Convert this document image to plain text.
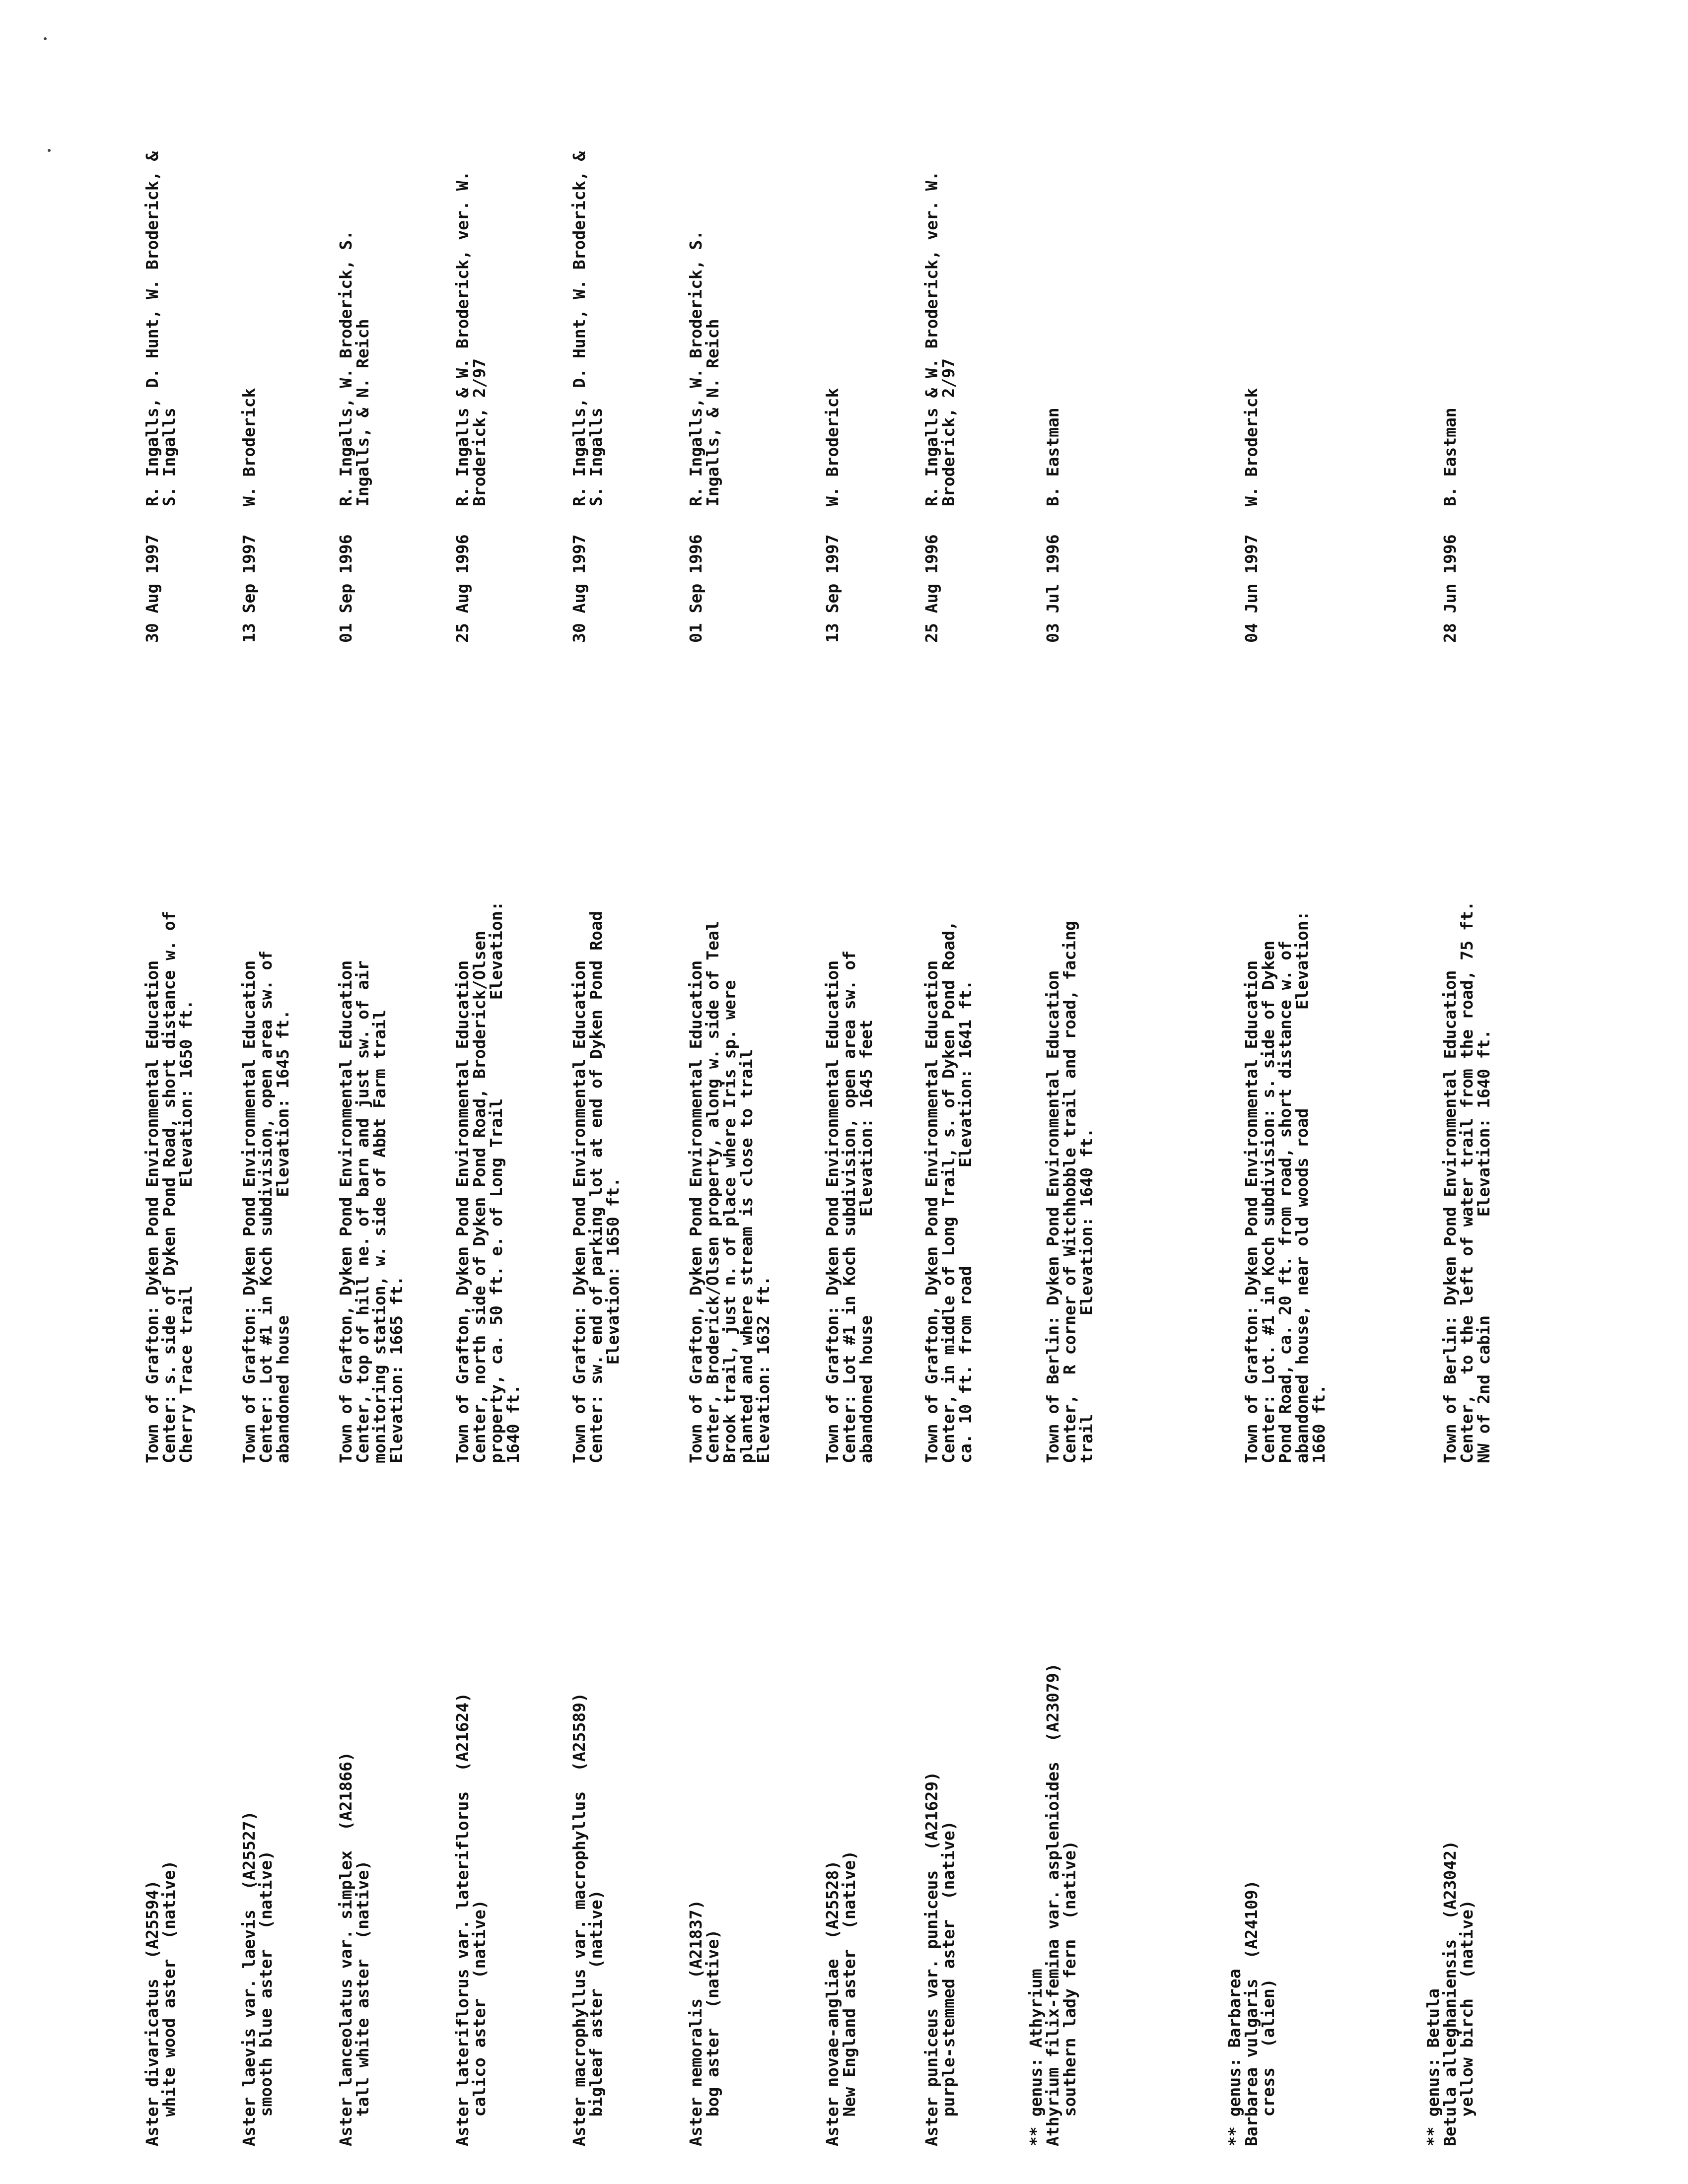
Aster divaricatus  (A25594)
white wood aster  (native)
Town of Grafton: Dyken Pond Environmental Education
Center: s. side of Dyken Pond Road, short distance w. of
Cherry Trace trail          Elevation: 1650 ft.
30 Aug 1997
R. Ingalls, D. Hunt, W. Broderick, &
S. Ingalls
Aster laevis var. laevis  (A25527)
smooth blue aster  (native)
Town of Grafton: Dyken Pond Environmental Education
Center: Lot #1 in Koch subdivision, open area sw. of
abandoned house            Elevation: 1645 ft.
13 Sep 1997
W. Broderick
Aster lanceolatus var. simplex  (A21866)
tall white aster  (native)
Town of Grafton, Dyken Pond Environmental Education
Center, top of hill ne. of barn and just sw. of air
monitoring station, w. side of Abbt Farm trail
Elevation: 1665 ft.
01 Sep 1996
R. Ingalls, W. Broderick, S.
Ingalls, & N. Reich
Aster lateriflorus var. lateriflorus  (A21624)
calico aster  (native)
Town of Grafton, Dyken Pond Environmental Education
Center, north side of Dyken Pond Road, Broderick/Olsen
property, ca. 50 ft. e. of Long Trail          Elevation:
1640 ft.
25 Aug 1996
R. Ingalls & W. Broderick, ver. W.
Broderick, 2/97
Aster macrophyllus var. macrophyllus  (A25589)
bigleaf aster  (native)
Town of Grafton: Dyken Pond Environmental Education
Center: sw. end of parking lot at end of Dyken Pond Road
Elevation: 1650 ft.
30 Aug 1997
R. Ingalls, D. Hunt, W. Broderick, &
S. Ingalls
Aster nemoralis  (A21837)
bog aster  (native)
Town of Grafton, Dyken Pond Environmental Education
Center, Broderick/Olsen property, along w. side of Teal
Brook trail, just n. of place where Iris sp. were
planted and where stream is close to trail
Elevation: 1632 ft.
01 Sep 1996
R. Ingalls, W. Broderick, S.
Ingalls, & N. Reich
Aster novae-angliae  (A25528)
New England aster  (native)
Town of Grafton: Dyken Pond Environmental Education
Center: Lot #1 in Koch subdivision, open area sw. of
abandoned house          Elevation: 1645 feet
13 Sep 1997
W. Broderick
Aster puniceus var. puniceus  (A21629)
purple-stemmed aster  (native)
Town of Grafton, Dyken Pond Environmental Education
Center, in middle of Long Trail, s. of Dyken Pond Road,
ca. 10 ft. from road          Elevation: 1641 ft.
25 Aug 1996
R. Ingalls & W. Broderick, ver. W.
Broderick, 2/97
** genus: Athyrium
Athyrium filix-femina var. asplenioides  (A23079)
southern lady fern  (native)

Town of Berlin: Dyken Pond Environmental Education
Center,  R corner of Witchhobble trail and road, facing
trail          Elevation: 1640 ft.

03 Jul 1996

B. Eastman
** genus: Barbarea
Barbarea vulgaris  (A24109)
cress  (alien)

Town of Grafton: Dyken Pond Environmental Education
Center: Lot. #1 in Koch subdivision: s. side of Dyken
Pond Road, ca. 20 ft. from road, short distance w. of
abandoned house, near old woods road          Elevation:
1660 ft.

04 Jun 1997

W. Broderick
** genus: Betula
Betula alleghaniensis  (A23042)
yellow birch  (native)

Town of Berlin: Dyken Pond Environmental Education
Center,  to the left of water trail from the road, 75 ft.
NW of 2nd cabin          Elevation: 1640 ft.

28 Jun 1996

B. Eastman
